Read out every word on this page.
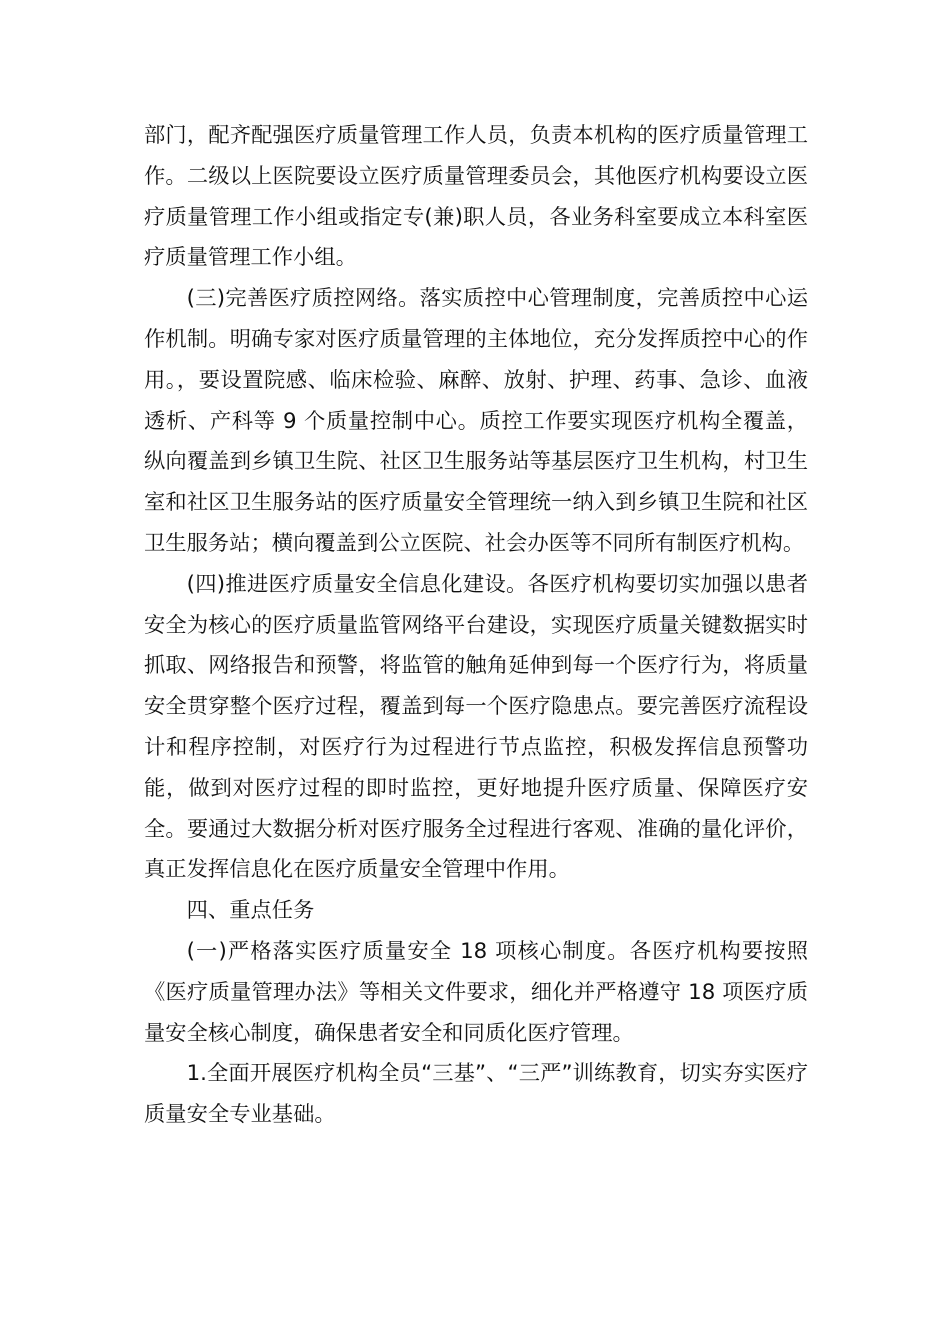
部门，配齐配强医疗质量管理工作人员，负责本机构的医疗质量管理工作。二级以上医院要设立医疗质量管理委员会，其他医疗机构要设立医疗质量管理工作小组或指定专(兼)职人员，各业务科室要成立本科室医疗质量管理工作小组。

(三)完善医疗质控网络。落实质控中心管理制度，完善质控中心运作机制。明确专家对医疗质量管理的主体地位，充分发挥质控中心的作用。，要设置院感、临床检验、麻醉、放射、护理、药事、急诊、血液透析、产科等 9 个质量控制中心。质控工作要实现医疗机构全覆盖，纵向覆盖到乡镇卫生院、社区卫生服务站等基层医疗卫生机构，村卫生室和社区卫生服务站的医疗质量安全管理统一纳入到乡镇卫生院和社区卫生服务站；横向覆盖到公立医院、社会办医等不同所有制医疗机构。

(四)推进医疗质量安全信息化建设。各医疗机构要切实加强以患者安全为核心的医疗质量监管网络平台建设，实现医疗质量关键数据实时抓取、网络报告和预警，将监管的触角延伸到每一个医疗行为，将质量安全贯穿整个医疗过程，覆盖到每一个医疗隐患点。要完善医疗流程设计和程序控制，对医疗行为过程进行节点监控，积极发挥信息预警功能，做到对医疗过程的即时监控，更好地提升医疗质量、保障医疗安全。要通过大数据分析对医疗服务全过程进行客观、准确的量化评价，真正发挥信息化在医疗质量安全管理中作用。

四、重点任务

(一)严格落实医疗质量安全 18 项核心制度。各医疗机构要按照《医疗质量管理办法》等相关文件要求，细化并严格遵守 18 项医疗质量安全核心制度，确保患者安全和同质化医疗管理。

1.全面开展医疗机构全员“三基”、“三严”训练教育，切实夯实医疗质量安全专业基础。
